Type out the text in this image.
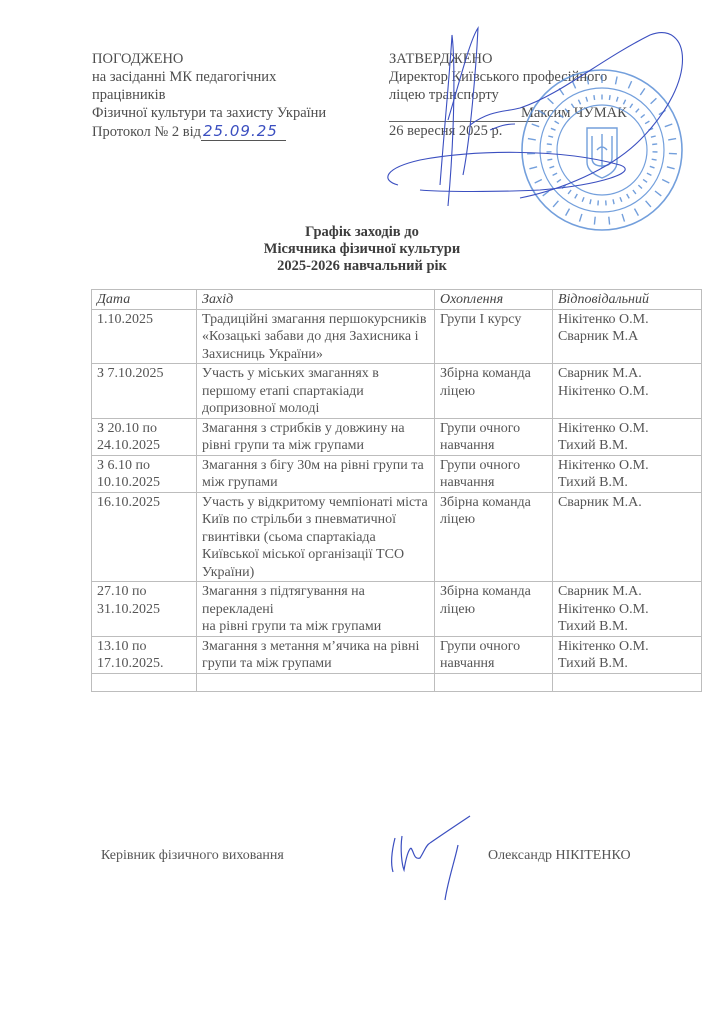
ПОГОДЖЕНО
на засіданні МК педагогічних
працівників
Фізичної культури та захисту України
Протокол № 2 від 25.09.25
ЗАТВЕРДЖЕНО
Директор Київського професійного
ліцею транспорту
Максим ЧУМАК
26 вересня 2025 р.
Графік заходів до
Місячника фізичної культури
2025-2026 навчальний рік
Дата	Захід	Охоплення	Відповідальний
1.10.2025	Традиційні змагання першокурсників «Козацькі забави до дня Захисника і Захисниць України»	Групи І курсу	Нікітенко О.М.
Сварник М.А
З 7.10.2025	Участь у міських змаганнях в першому етапі спартакіади допризовної молоді	Збірна команда ліцею	Сварник М.А.
Нікітенко О.М.
З 20.10 по 24.10.2025	Змагання з стрибків у довжину на рівні групи та між групами	Групи очного навчання	Нікітенко О.М.
Тихий В.М.
З 6.10 по 10.10.2025	Змагання з бігу 30м на рівні групи та між групами	Групи очного навчання	Нікітенко О.М.
Тихий В.М.
16.10.2025	Участь у відкритому чемпіонаті міста Київ по стрільби з пневматичної гвинтівки (сьома спартакіада Київської міської організації ТСО України)	Збірна команда ліцею	Сварник М.А.
27.10 по 31.10.2025	Змагання з підтягування на перекладені
на рівні групи та між групами	Збірна команда ліцею	Сварник М.А.
Нікітенко О.М.
Тихий В.М.
13.10 по 17.10.2025.	Змагання з метання м’ячика на рівні групи та між групами	Групи очного навчання	Нікітенко О.М.
Тихий В.М.

Керівник фізичного виховання	Олександр НІКІТЕНКО
